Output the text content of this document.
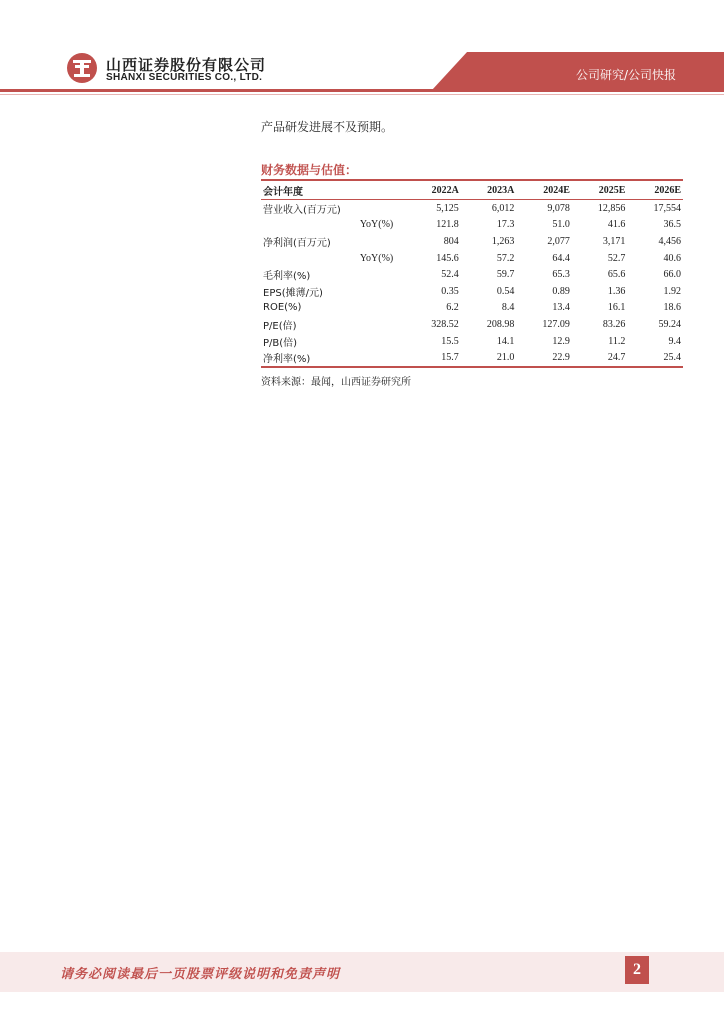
山西证券股份有限公司
SHANXI SECURITIES CO., LTD.	公司研究/公司快报
产品研发进展不及预期。
财务数据与估值：
会计年度	2022A	2023A	2024E	2025E	2026E
营业收入(百万元)	5,125	6,012	9,078	12,856	17,554
YoY(%)	121.8	17.3	51.0	41.6	36.5
净利润(百万元)	804	1,263	2,077	3,171	4,456
YoY(%)	145.6	57.2	64.4	52.7	40.6
毛利率(%)	52.4	59.7	65.3	65.6	66.0
EPS(摊薄/元)	0.35	0.54	0.89	1.36	1.92
ROE(%)	6.2	8.4	13.4	16.1	18.6
P/E(倍)	328.52	208.98	127.09	83.26	59.24
P/B(倍)	15.5	14.1	12.9	11.2	9.4
净利率(%)	15.7	21.0	22.9	24.7	25.4
资料来源：最闻，山西证券研究所
请务必阅读最后一页股票评级说明和免责声明	2
